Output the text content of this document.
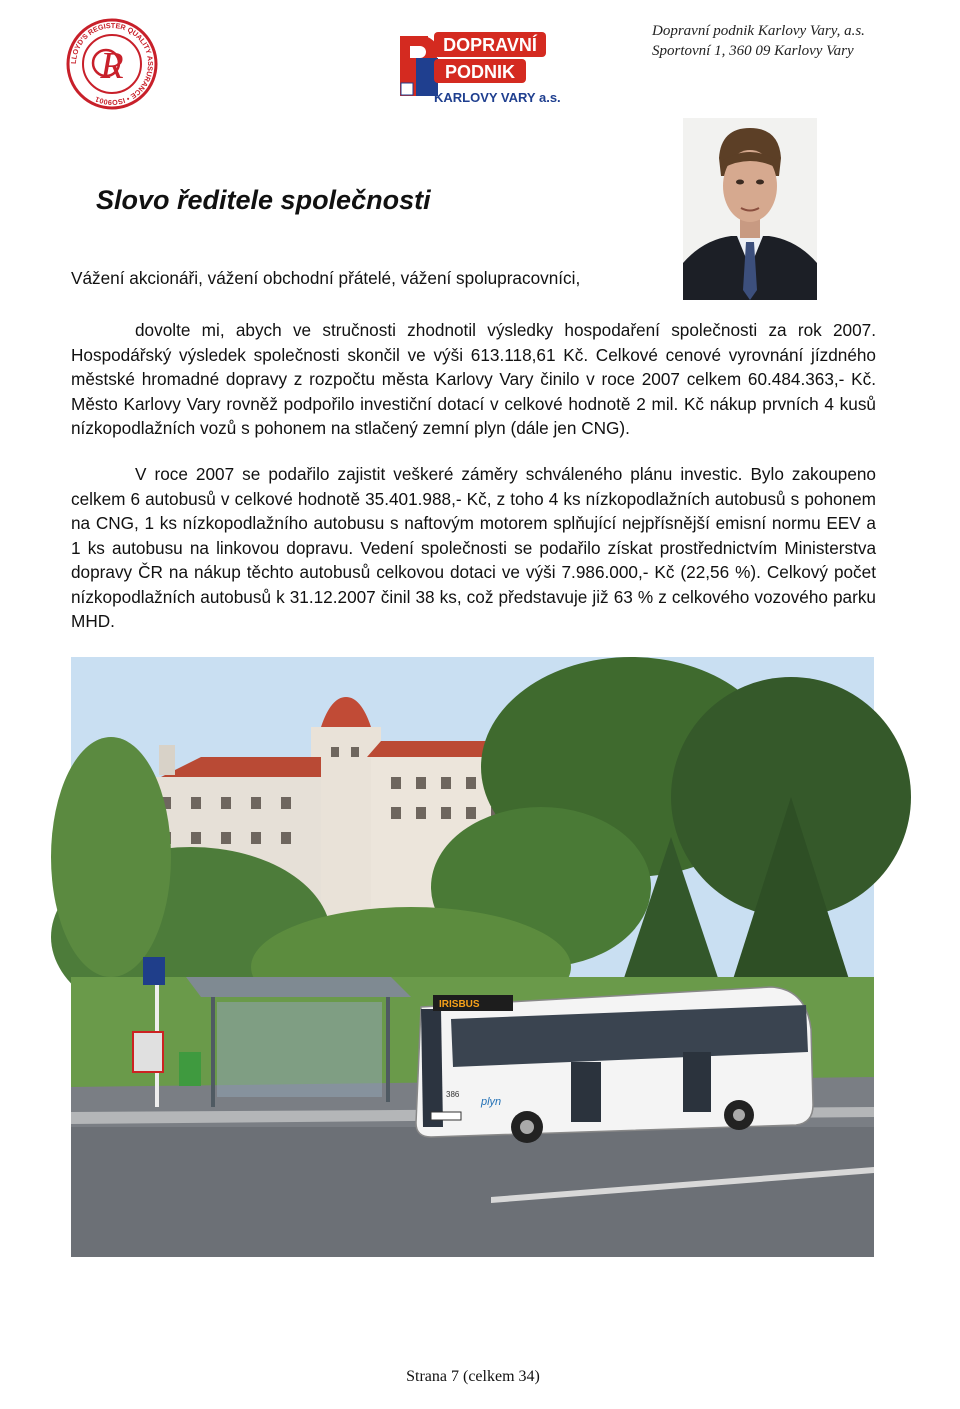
LLOYD'S REGISTER QUALITY ASSURANCE • ISO9001
R	DOPRAVNÍ
PODNIK
KARLOVY VARY a.s.
Dopravní podnik Karlovy Vary, a.s.
Sportovní 1, 360 09 Karlovy Vary
Slovo ředitele společnosti
Vážení akcionáři, vážení obchodní přátelé, vážení spolupracovníci,
dovolte mi, abych ve stručnosti zhodnotil výsledky hospodaření společnosti za rok 2007. Hospodářský výsledek společnosti skončil ve výši 613.118,61 Kč. Celkové cenové vyrovnání jízdného městské hromadné dopravy z rozpočtu města Karlovy Vary činilo v roce 2007 celkem 60.484.363,- Kč. Město Karlovy Vary rovněž podpořilo investiční dotací v celkové hodnotě 2 mil. Kč nákup prvních 4 kusů nízkopodlažních vozů s pohonem na stlačený zemní plyn (dále jen CNG).
V roce 2007 se podařilo zajistit veškeré záměry schváleného plánu investic. Bylo zakoupeno celkem 6 autobusů v celkové hodnotě 35.401.988,- Kč, z toho 4 ks nízkopodlažních autobusů s pohonem na CNG, 1 ks nízkopodlažního autobusu s naftovým motorem splňující nejpřísnější emisní normu EEV a 1 ks autobusu na linkovou dopravu. Vedení společnosti se podařilo získat prostřednictvím Ministerstva dopravy ČR na nákup těchto autobusů celkovou dotaci ve výši 7.986.000,- Kč (22,56 %). Celkový počet nízkopodlažních autobusů k 31.12.2007 činil 38 ks, což představuje již 63 % z celkového vozového parku MHD.
IRISBUS
386
plyn
Strana 7 (celkem 34)
